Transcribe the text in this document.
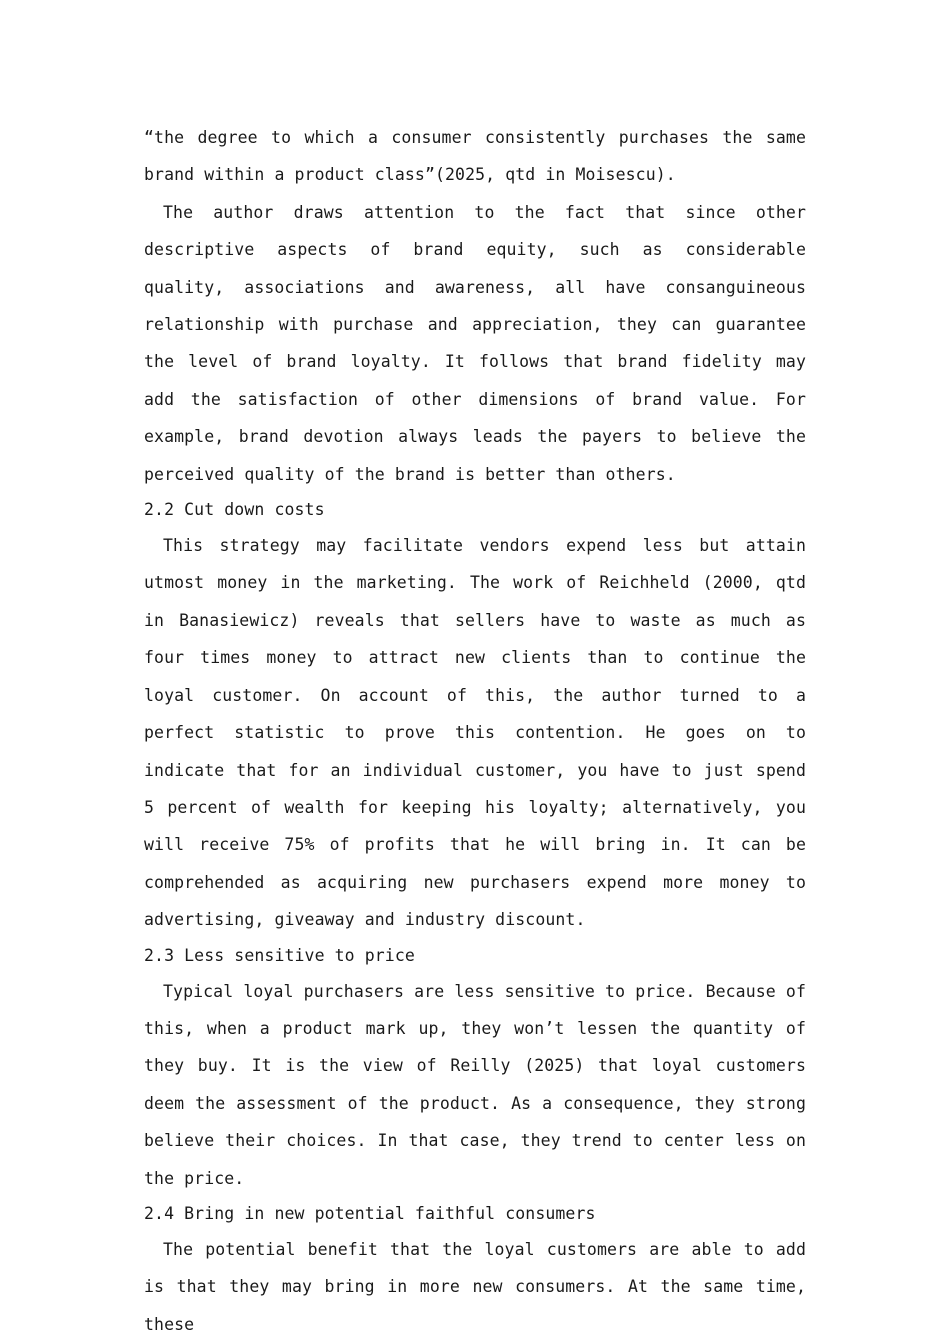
“the degree to which a consumer consistently purchases the same brand within a product class”(2025, qtd in Moisescu).

The author draws attention to the fact that since other descriptive aspects of brand equity, such as considerable quality, associations and awareness, all have consanguineous relationship with purchase and appreciation, they can guarantee the level of brand loyalty. It follows that brand fidelity may add the satisfaction of other dimensions of brand value. For example, brand devotion always leads the payers to believe the perceived quality of the brand is better than others.

2.2 Cut down costs

This strategy may facilitate vendors expend less but attain utmost money in the marketing. The work of Reichheld (2000, qtd in Banasiewicz) reveals that sellers have to waste as much as four times money to attract new clients than to continue the loyal customer. On account of this, the author turned to a perfect statistic to prove this contention. He goes on to indicate that for an individual customer, you have to just spend 5 percent of wealth for keeping his loyalty; alternatively, you will receive 75% of profits that he will bring in. It can be comprehended as acquiring new purchasers expend more money to advertising, giveaway and industry discount.

2.3 Less sensitive to price

Typical loyal purchasers are less sensitive to price. Because of this, when a product mark up, they won’t lessen the quantity of they buy. It is the view of Reilly (2025) that loyal customers deem the assessment of the product. As a consequence, they strong believe their choices. In that case, they trend to center less on the price.

2.4 Bring in new potential faithful consumers

The potential benefit that the loyal customers are able to add is that they may bring in more new consumers. At the same time, these
